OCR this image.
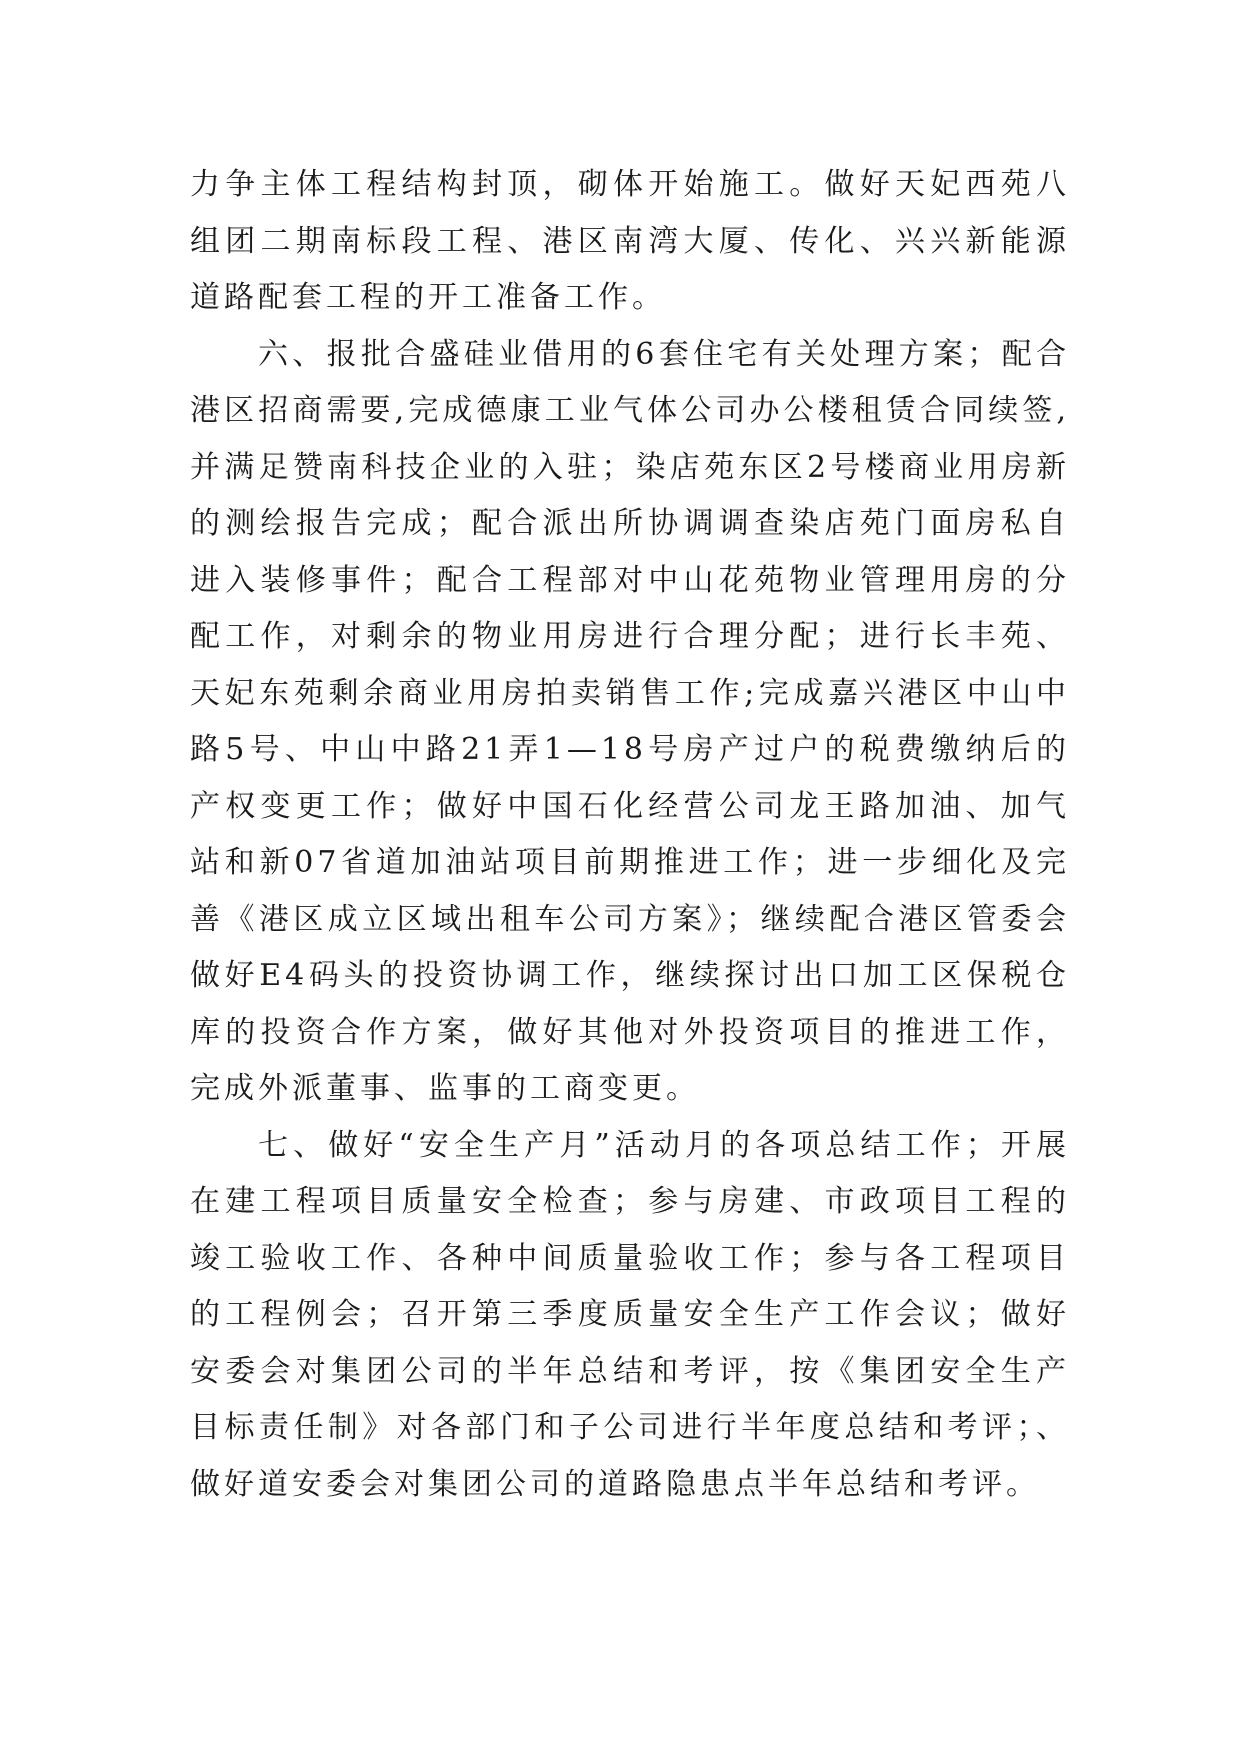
力争主体工程结构封顶，砌体开始施工。做好天妃西苑八组团二期南标段工程、港区南湾大厦、传化、兴兴新能源道路配套工程的开工准备工作。

六、报批合盛硅业借用的6套住宅有关处理方案；配合港区招商需要,完成德康工业气体公司办公楼租赁合同续签,并满足赞南科技企业的入驻；染店苑东区2号楼商业用房新的测绘报告完成；配合派出所协调调查染店苑门面房私自进入装修事件；配合工程部对中山花苑物业管理用房的分配工作，对剩余的物业用房进行合理分配；进行长丰苑、天妃东苑剩余商业用房拍卖销售工作;完成嘉兴港区中山中路5号、中山中路21弄1—18号房产过户的税费缴纳后的产权变更工作；做好中国石化经营公司龙王路加油、加气站和新07省道加油站项目前期推进工作；进一步细化及完善《港区成立区域出租车公司方案》；继续配合港区管委会做好E4码头的投资协调工作，继续探讨出口加工区保税仓库的投资合作方案，做好其他对外投资项目的推进工作，完成外派董事、监事的工商变更。

七、做好“安全生产月”活动月的各项总结工作；开展在建工程项目质量安全检查；参与房建、市政项目工程的竣工验收工作、各种中间质量验收工作；参与各工程项目的工程例会；召开第三季度质量安全生产工作会议；做好安委会对集团公司的半年总结和考评，按《集团安全生产目标责任制》对各部门和子公司进行半年度总结和考评；、做好道安委会对集团公司的道路隐患点半年总结和考评。
